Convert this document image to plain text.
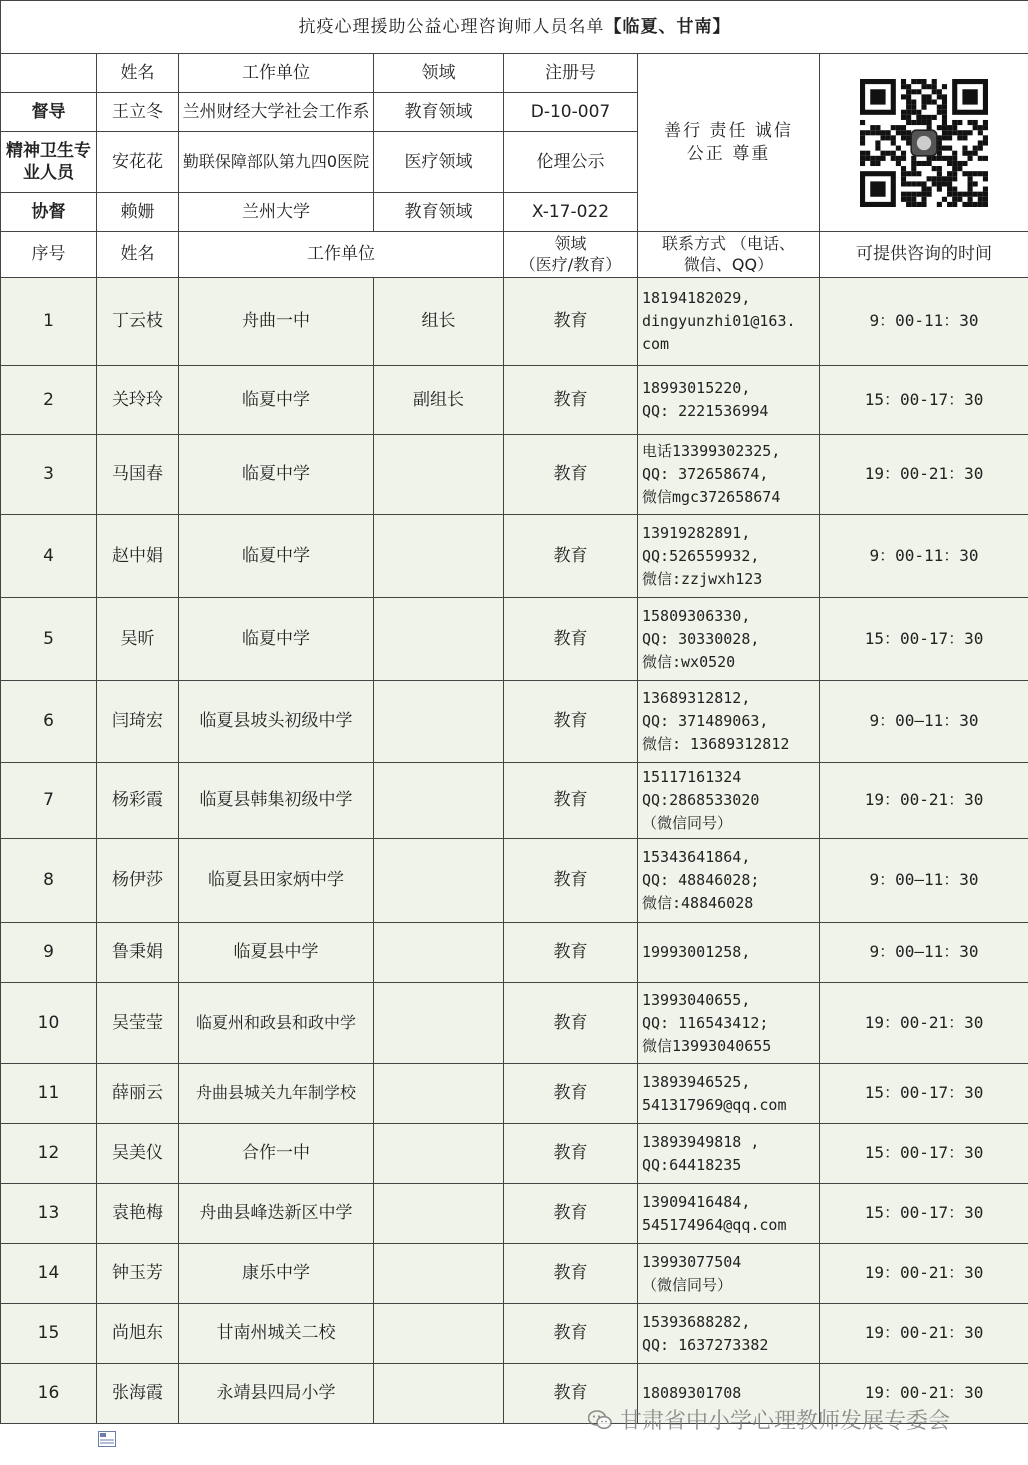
抗疫心理援助公益心理咨询师人员名单【临夏、甘南】						
	姓名	工作单位	领域	注册号	善行 责任 诚信
公正 尊重

督导	王立冬	兰州财经大学社会工作系	教育领域	D-10-007		
精神卫生专业人员	安花花	勤联保障部队第九四0医院	医疗领域	伦理公示		
协督	赖姗	兰州大学	教育领域	X-17-022		
序号	姓名	工作单位		领域
（医疗/教育）	联系方式 （电话、
微信、QQ）	可提供咨询的时间
1	丁云枝	舟曲一中	组长	教育	18194182029,
dingyunzhi01@163.
com	9：00-11：30
2	关玲玲	临夏中学	副组长	教育	18993015220,
QQ: 2221536994	15：00-17：30
3	马国春	临夏中学		教育	电话13399302325,
QQ: 372658674,
微信mgc372658674	19：00-21：30
4	赵中娟	临夏中学		教育	13919282891,
QQ:526559932,
微信:zzjwxh123	9：00-11：30
5	吴昕	临夏中学		教育	15809306330,
QQ: 30330028,
微信:wx0520	15：00-17：30
6	闫琦宏	临夏县坡头初级中学		教育	13689312812,
QQ: 371489063,
微信: 13689312812	9：00—11：30
7	杨彩霞	临夏县韩集初级中学		教育	15117161324
QQ:2868533020
（微信同号）	19：00-21：30
8	杨伊莎	临夏县田家炳中学		教育	15343641864,
QQ: 48846028;
微信:48846028	9：00—11：30
9	鲁秉娟	临夏县中学		教育	19993001258,	9：00—11：30
10	吴莹莹	临夏州和政县和政中学		教育	13993040655,
QQ: 116543412;
微信13993040655	19：00-21：30
11	薛丽云	舟曲县城关九年制学校		教育	13893946525,
541317969@qq.com	15：00-17：30
12	吴美仪	合作一中		教育	13893949818 ,
QQ:64418235	15：00-17：30
13	袁艳梅	舟曲县峰迭新区中学		教育	13909416484,
545174964@qq.com	15：00-17：30
14	钟玉芳	康乐中学		教育	13993077504
（微信同号）	19：00-21：30
15	尚旭东	甘南州城关二校		教育	15393688282,
QQ: 1637273382	19：00-21：30
16	张海霞	永靖县四局小学		教育	18089301708	19：00-21：30
甘肃省中小学心理教师发展专委会
